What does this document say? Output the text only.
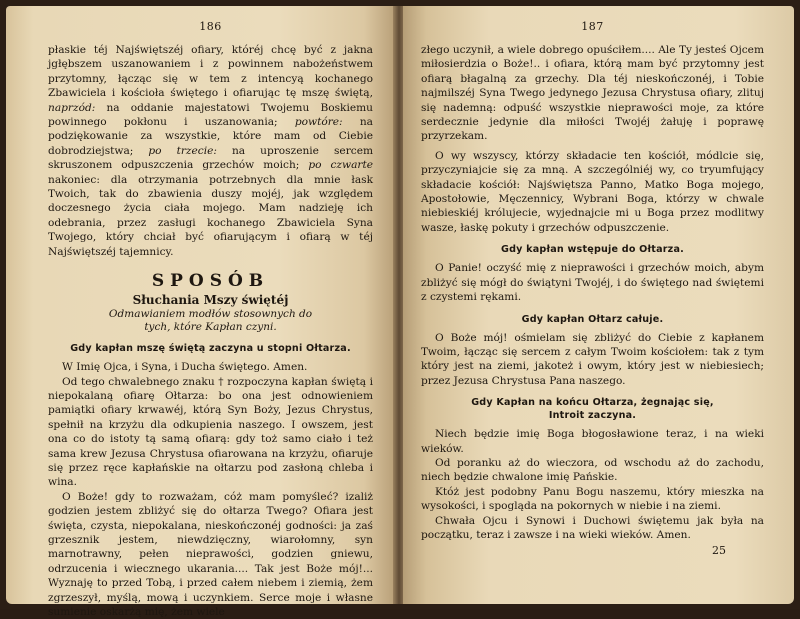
186

płaskie téj Najświętszéj ofiary, któréj chcę być z jakna jgłębszem uszanowaniem i z powinnem nabożeństwem przytomny, łącząc się w tem z intencyą kochanego Zbawiciela i kościoła świętego i ofiarując tę mszę świętą, naprzód: na oddanie majestatowi Twojemu Boskiemu powinnego pokłonu i uszanowania; powtóre: na podziękowanie za wszystkie, które mam od Ciebie dobrodziejstwa; po trzecie: na uproszenie sercem skruszonem odpuszczenia grzechów moich; po czwarte nakoniec: dla otrzymania potrzebnych dla mnie łask Twoich, tak do zbawienia duszy mojéj, jak względem doczesnego życia ciała mojego. Mam nadzieję ich odebrania, przez zasługi kochanego Zbawiciela Syna Twojego, który chciał być ofiarującym i ofiarą w téj Najświętszéj tajemnicy.

SPOSÓB
Słuchania Mszy świętéj
Odmawianiem modłów stosownych do
tych, które Kapłan czyni.
Gdy kapłan mszę świętą zaczyna u stopni Ołtarza.

W Imię Ojca, i Syna, i Ducha świętego. Amen.

Od tego chwalebnego znaku † rozpoczyna kapłan świętą i niepokalaną ofiarę Ołtarza: bo ona jest odnowieniem pamiątki ofiary krwawéj, którą Syn Boży, Jezus Chrystus, spełnił na krzyżu dla odkupienia naszego. I owszem, jest ona co do istoty tą samą ofiarą: gdy toż samo ciało i też sama krew Jezusa Chrystusa ofiarowana na krzyżu, ofiaruje się przez ręce kapłańskie na ołtarzu pod zasłoną chleba i wina.

O Boże! gdy to rozważam, cóż mam pomyśleć? izaliż godzien jestem zbliżyć się do ołtarza Twego? Ofiara jest święta, czysta, niepokalana, nieskończonéj godności: ja zaś grzesznik jestem, niewdzięczny, wiarołomny, syn marnotrawny, pełen nieprawości, godzien gniewu, odrzucenia i wiecznego ukarania.... Tak jest Boże mój!... Wyznaję to przed Tobą, i przed całem niebem i ziemią, żem zgrzeszył, myślą, mową i uczynkiem. Serce moje i własne sumienie oskarżą mię, żem wiele

187

złego uczynił, a wiele dobrego opuściłem.... Ale Ty jesteś Ojcem miłosierdzia o Boże!.. i ofiara, którą mam być przytomny jest ofiarą błagalną za grzechy. Dla téj nieskończonéj, i Tobie najmilszéj Syna Twego jedynego Jezusa Chrystusa ofiary, zlituj się nademną: odpuść wszystkie nieprawości moje, za które serdecznie jedynie dla miłości Twojéj żałuję i poprawę przyrzekam.

O wy wszyscy, którzy składacie ten kościół, módlcie się, przyczyniajcie się za mną. A szczególniéj wy, co tryumfujący składacie kościół: Najświętsza Panno, Matko Boga mojego, Apostołowie, Męczennicy, Wybrani Boga, którzy w chwale niebieskiéj królujecie, wyjednajcie mi u Boga przez modlitwy wasze, łaskę pokuty i grzechów odpuszczenie.

Gdy kapłan wstępuje do Ołtarza.

O Panie! oczyść mię z nieprawości i grzechów moich, abym zbliżyć się mógł do świątyni Twojéj, i do świętego nad świętemi z czystemi rękami.

Gdy kapłan Ołtarz całuje.

O Boże mój! ośmielam się zbliżyć do Ciebie z kapłanem Twoim, łącząc się sercem z całym Twoim kościołem: tak z tym który jest na ziemi, jakoteż i owym, który jest w niebiesiech; przez Jezusa Chrystusa Pana naszego.

Gdy Kapłan na końcu Ołtarza, żegnając się,
Introit zaczyna.

Niech będzie imię Boga błogosławione teraz, i na wieki wieków.

Od poranku aż do wieczora, od wschodu aż do zachodu, niech będzie chwalone imię Pańskie.

Któż jest podobny Panu Bogu naszemu, który mieszka na wysokości, i spogląda na pokornych w niebie i na ziemi.

Chwała Ojcu i Synowi i Duchowi świętemu jak była na początku, teraz i zawsze i na wieki wieków. Amen.

25
